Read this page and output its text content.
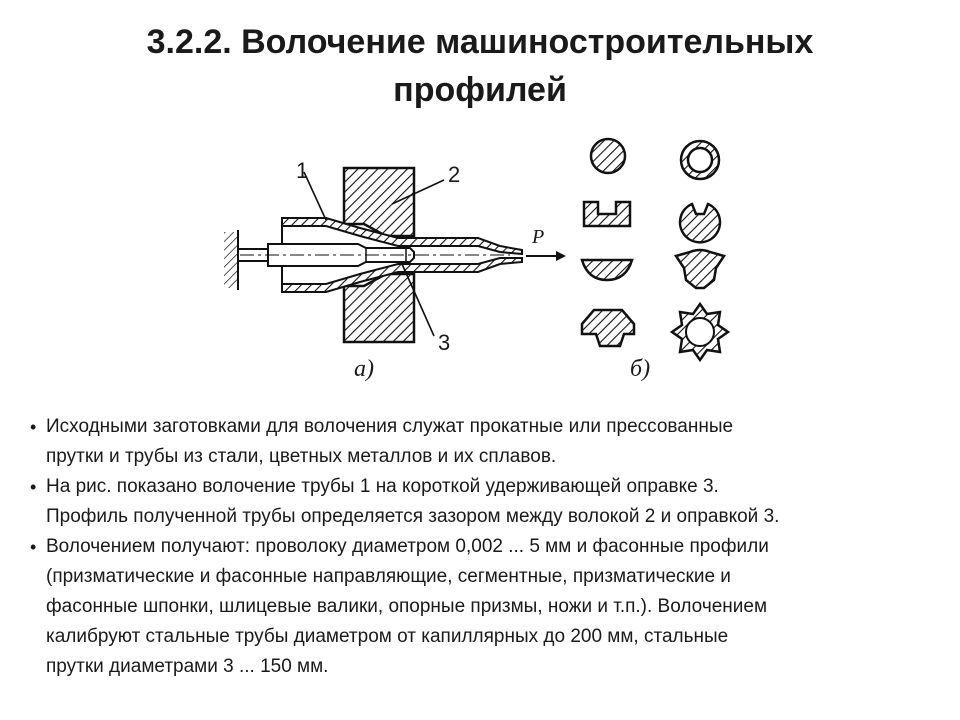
3.2.2. Волочение машиностроительных
профилей
1	2
3
P
а)	б)
• Исходными заготовками для волочения служат прокатные или прессованные
прутки и трубы из стали, цветных металлов и их сплавов.
• На рис. показано волочение трубы 1 на короткой удерживающей оправке 3.
Профиль полученной трубы определяется зазором между волокой 2 и оправкой 3.
• Волочением получают: проволоку диаметром 0,002 ... 5 мм и фасонные профили
(призматические и фасонные направляющие, сегментные, призматические и
фасонные шпонки, шлицевые валики, опорные призмы, ножи и т.п.). Волочением
калибруют стальные трубы диаметром от капиллярных до 200 мм, стальные
прутки диаметрами 3 ... 150 мм.
